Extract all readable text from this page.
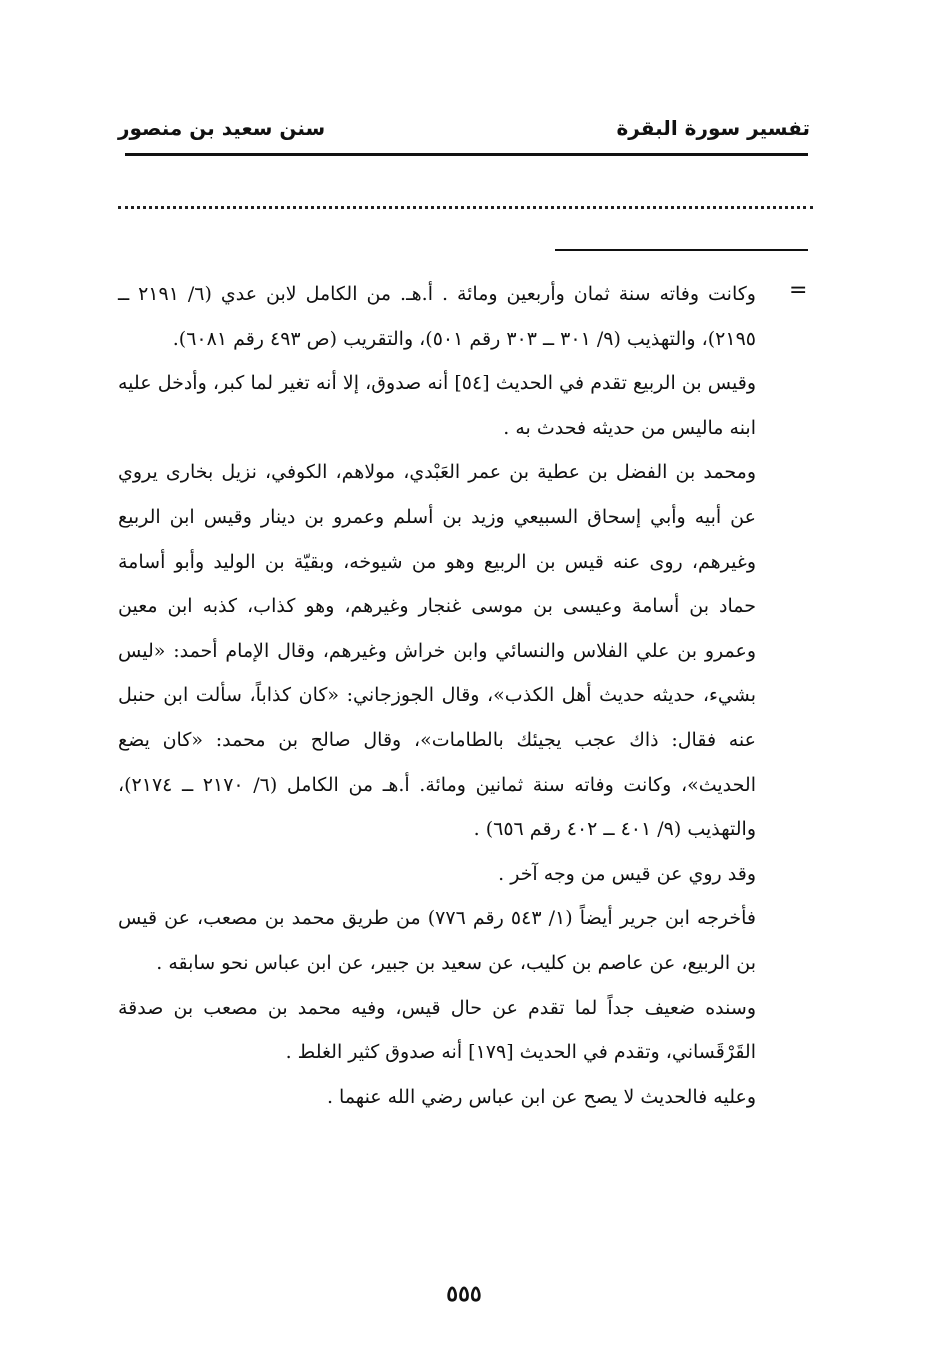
تفسير سورة البقرة
سنن سعيد بن منصور
=

وكانت وفاته سنة ثمان وأربعين ومائة . أ.هـ. من الكامل لابن عدي (٦/ ٢١٩١ ــ ٢١٩٥)، والتهذيب (٩/ ٣٠١ ــ ٣٠٣ رقم ٥٠١)، والتقريب (ص ٤٩٣ رقم ٦٠٨١).

وقيس بن الربيع تقدم في الحديث [٥٤] أنه صدوق، إلا أنه تغير لما كبر، وأدخل عليه ابنه ماليس من حديثه فحدث به .

ومحمد بن الفضل بن عطية بن عمر العَبْدي، مولاهم، الكوفي، نزيل بخارى يروي عن أبيه وأبي إسحاق السبيعي وزيد بن أسلم وعمرو بن دينار وقيس ابن الربيع وغيرهم، روى عنه قيس بن الربيع وهو من شيوخه، وبقيّة بن الوليد وأبو أسامة حماد بن أسامة وعيسى بن موسى غنجار وغيرهم، وهو كذاب، كذبه ابن معين وعمرو بن علي الفلاس والنسائي وابن خراش وغيرهم، وقال الإمام أحمد: «ليس بشيء، حديثه حديث أهل الكذب»، وقال الجوزجاني: «كان كذاباً، سألت ابن حنبل عنه فقال: ذاك عجب يجيئك بالطامات»، وقال صالح بن محمد: «كان يضع الحديث»، وكانت وفاته سنة ثمانين ومائة. أ.هـ من الكامل (٦/ ٢١٧٠ ــ ٢١٧٤)، والتهذيب (٩/ ٤٠١ ــ ٤٠٢ رقم ٦٥٦) .

وقد روي عن قيس من وجه آخر .

فأخرجه ابن جرير أيضاً (١/ ٥٤٣ رقم ٧٧٦) من طريق محمد بن مصعب، عن قيس بن الربيع، عن عاصم بن كليب، عن سعيد بن جبير، عن ابن عباس نحو سابقه .

وسنده ضعيف جداً لما تقدم عن حال قيس، وفيه محمد بن مصعب بن صدقة القَرْقَساني، وتقدم في الحديث [١٧٩] أنه صدوق كثير الغلط .

وعليه فالحديث لا يصح عن ابن عباس رضي الله عنهما .

٥٥٥
